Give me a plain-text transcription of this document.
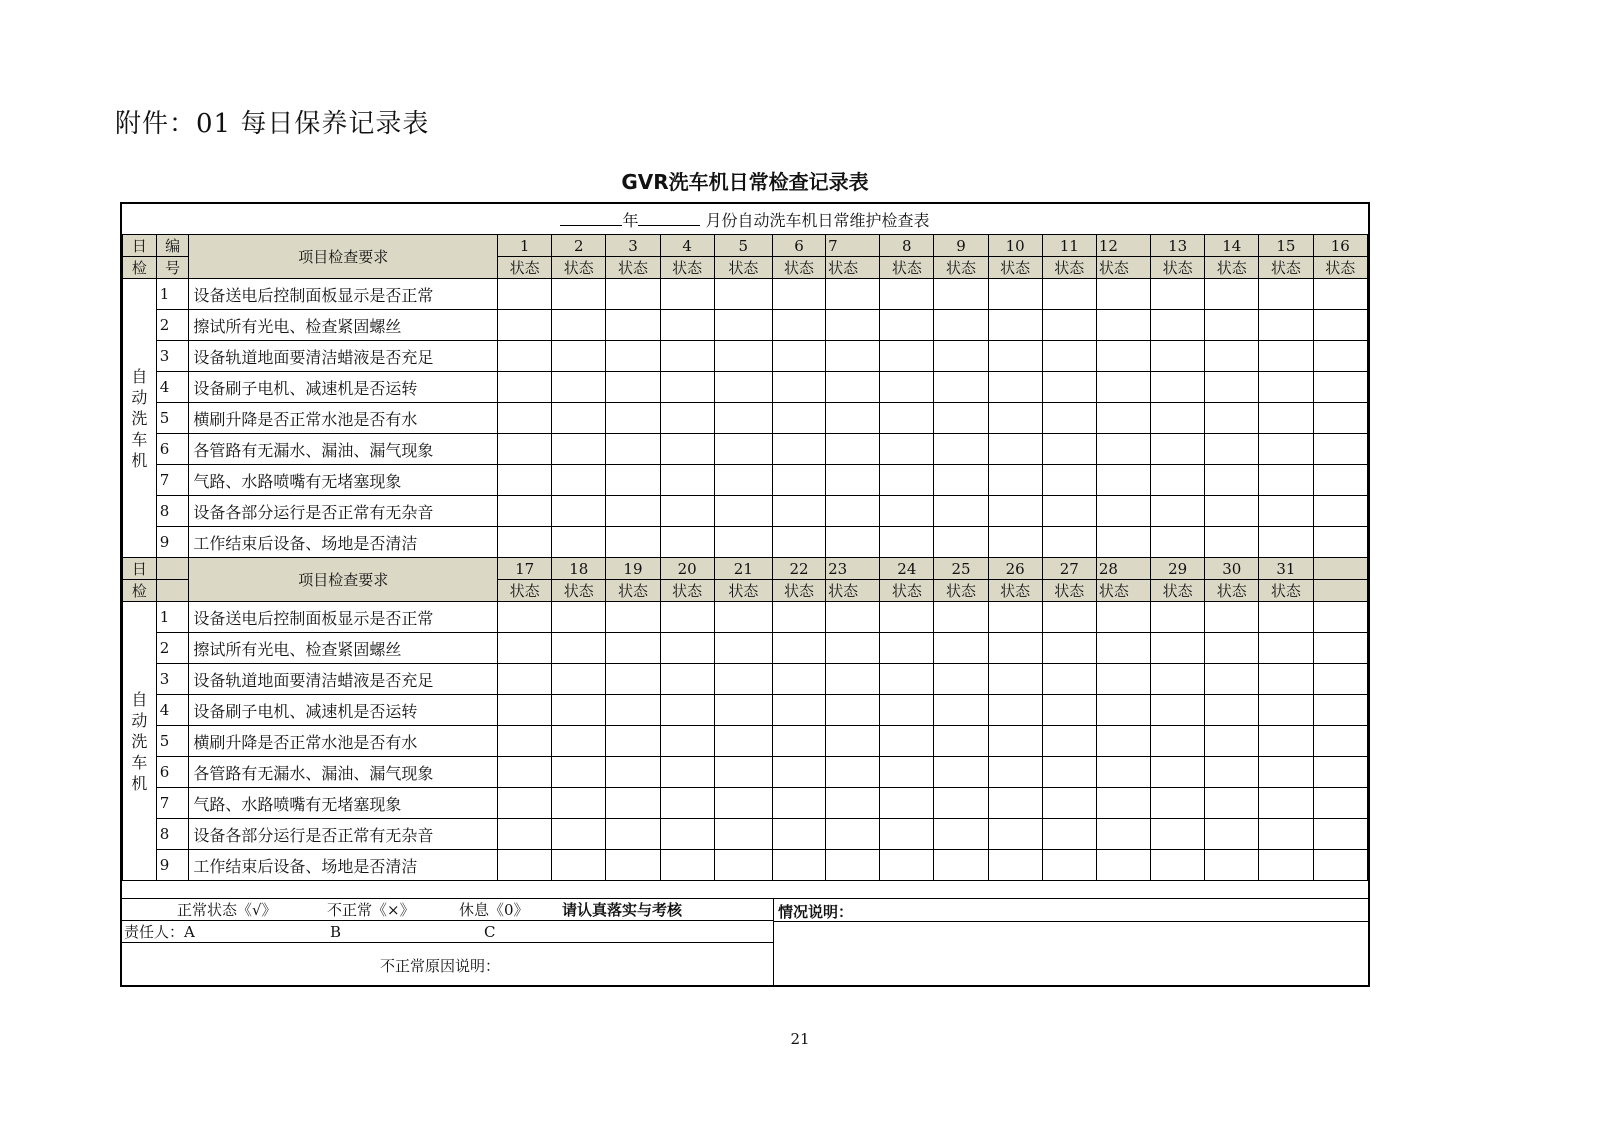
附件：01 每日保养记录表
GVR洗车机日常检查记录表
年 月份自动洗车机日常维护检查表																		
日	编	项目检查要求	1	2	3	4	5	6	7	8	9	10	11	12	13	14	15	16
检	号		状态	状态	状态	状态	状态	状态	状态	状态	状态	状态	状态	状态	状态	状态	状态	状态
自
动
洗
车
机	1	设备送电后控制面板显示是否正常																
	2	擦试所有光电、检查紧固螺丝																
	3	设备轨道地面要清洁蜡液是否充足																
	4	设备刷子电机、减速机是否运转																
	5	横刷升降是否正常水池是否有水																
	6	各管路有无漏水、漏油、漏气现象																
	7	气路、水路喷嘴有无堵塞现象																
	8	设备各部分运行是否正常有无杂音																
	9	工作结束后设备、场地是否清洁																
日		项目检查要求	17	18	19	20	21	22	23	24	25	26	27	28	29	30	31	
检			状态	状态	状态	状态	状态	状态	状态	状态	状态	状态	状态	状态	状态	状态	状态	
自
动
洗
车
机	1	设备送电后控制面板显示是否正常																
	2	擦试所有光电、检查紧固螺丝																
	3	设备轨道地面要清洁蜡液是否充足																
	4	设备刷子电机、减速机是否运转																
	5	横刷升降是否正常水池是否有水																
	6	各管路有无漏水、漏油、漏气现象																
	7	气路、水路喷嘴有无堵塞现象																
	8	设备各部分运行是否正常有无杂音																
	9	工作结束后设备、场地是否清洁																
正常状态《√》	不正常《×》	休息《0》 请认真落实与考核
责任人：A	B	C
不正常原因说明：
情况说明：
21
